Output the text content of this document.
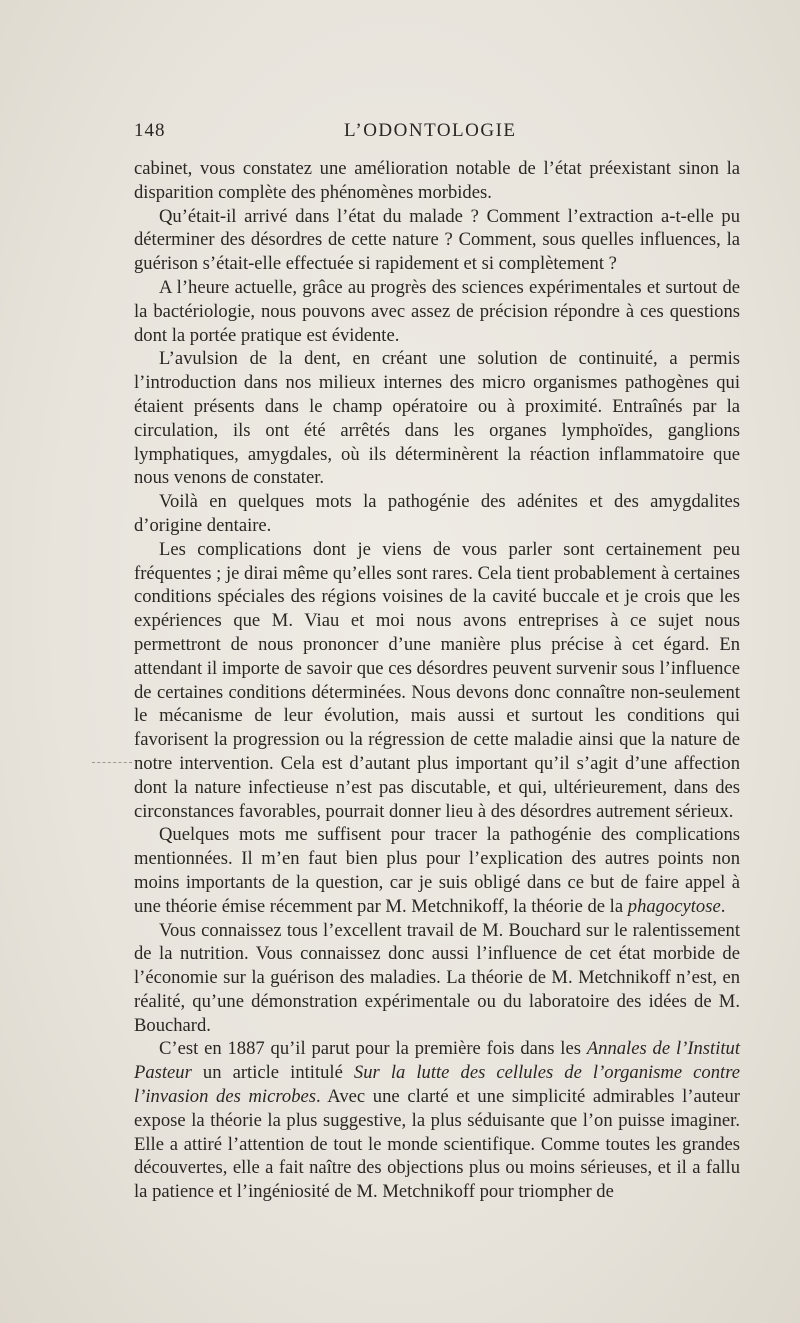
148	L’ODONTOLOGIE

cabinet, vous constatez une amélioration notable de l’état préexistant sinon la disparition complète des phénomènes morbides.

Qu’était-il arrivé dans l’état du malade ? Comment l’extraction a-t-elle pu déterminer des désordres de cette nature ? Comment, sous quelles influences, la guérison s’était-elle effectuée si rapidement et si complètement ?

A l’heure actuelle, grâce au progrès des sciences expérimentales et surtout de la bactériologie, nous pouvons avec assez de précision répondre à ces questions dont la portée pratique est évidente.

L’avulsion de la dent, en créant une solution de continuité, a permis l’introduction dans nos milieux internes des micro organismes pathogènes qui étaient présents dans le champ opératoire ou à proximité. Entraînés par la circulation, ils ont été arrêtés dans les organes lymphoïdes, ganglions lymphatiques, amygdales, où ils déterminèrent la réaction inflammatoire que nous venons de constater.

Voilà en quelques mots la pathogénie des adénites et des amygdalites d’origine dentaire.

Les complications dont je viens de vous parler sont certainement peu fréquentes ; je dirai même qu’elles sont rares. Cela tient probablement à certaines conditions spéciales des régions voisines de la cavité buccale et je crois que les expériences que M. Viau et moi nous avons entreprises à ce sujet nous permettront de nous prononcer d’une manière plus précise à cet égard. En attendant il importe de savoir que ces désordres peuvent survenir sous l’influence de certaines conditions déterminées. Nous devons donc connaître non-seulement le mécanisme de leur évolution, mais aussi et surtout les conditions qui favorisent la progression ou la régression de cette maladie ainsi que la nature de notre intervention. Cela est d’autant plus important qu’il s’agit d’une affection dont la nature infectieuse n’est pas discutable, et qui, ultérieurement, dans des circonstances favorables, pourrait donner lieu à des désordres autrement sérieux.

Quelques mots me suffisent pour tracer la pathogénie des complications mentionnées. Il m’en faut bien plus pour l’explication des autres points non moins importants de la question, car je suis obligé dans ce but de faire appel à une théorie émise récemment par M. Metchnikoff, la théorie de la phagocytose.

Vous connaissez tous l’excellent travail de M. Bouchard sur le ralentissement de la nutrition. Vous connaissez donc aussi l’influence de cet état morbide de l’économie sur la guérison des maladies. La théorie de M. Metchnikoff n’est, en réalité, qu’une démonstration expérimentale ou du laboratoire des idées de M. Bouchard.

C’est en 1887 qu’il parut pour la première fois dans les Annales de l’Institut Pasteur un article intitulé Sur la lutte des cellules de l’organisme contre l’invasion des microbes. Avec une clarté et une simplicité admirables l’auteur expose la théorie la plus suggestive, la plus séduisante que l’on puisse imaginer. Elle a attiré l’attention de tout le monde scientifique. Comme toutes les grandes découvertes, elle a fait naître des objections plus ou moins sérieuses, et il a fallu la patience et l’ingéniosité de M. Metchnikoff pour triompher de
